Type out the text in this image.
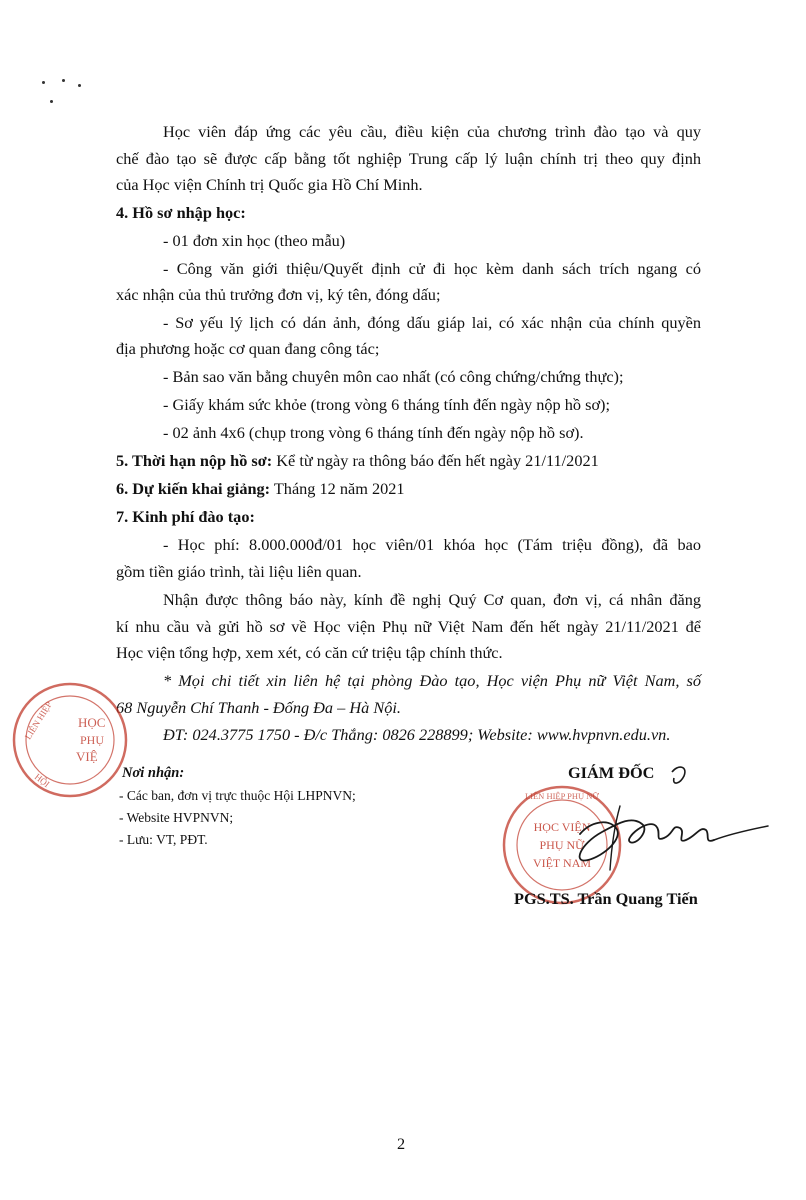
Học viên đáp ứng các yêu cầu, điều kiện của chương trình đào tạo và quy
chế đào tạo sẽ được cấp bằng tốt nghiệp Trung cấp lý luận chính trị theo quy định
của Học viện Chính trị Quốc gia Hồ Chí Minh.
4. Hồ sơ nhập học:
- 01 đơn xin học (theo mẫu)
- Công văn giới thiệu/Quyết định cử đi học kèm danh sách trích ngang có
xác nhận của thủ trưởng đơn vị, ký tên, đóng dấu;
- Sơ yếu lý lịch có dán ảnh, đóng dấu giáp lai, có xác nhận của chính quyền
địa phương hoặc cơ quan đang công tác;
- Bản sao văn bằng chuyên môn cao nhất (có công chứng/chứng thực);
- Giấy khám sức khỏe (trong vòng 6 tháng tính đến ngày nộp hồ sơ);
- 02 ảnh 4x6 (chụp trong vòng 6 tháng tính đến ngày nộp hồ sơ).
5. Thời hạn nộp hồ sơ: Kể từ ngày ra thông báo đến hết ngày 21/11/2021
6. Dự kiến khai giảng: Tháng 12 năm 2021
7. Kinh phí đào tạo:
- Học phí: 8.000.000đ/01 học viên/01 khóa học (Tám triệu đồng), đã bao
gồm tiền giáo trình, tài liệu liên quan.
Nhận được thông báo này, kính đề nghị Quý Cơ quan, đơn vị, cá nhân đăng
kí nhu cầu và gửi hồ sơ về Học viện Phụ nữ Việt Nam đến hết ngày 21/11/2021 để
Học viện tổng hợp, xem xét, có căn cứ triệu tập chính thức.
* Mọi chi tiết xin liên hệ tại phòng Đào tạo, Học viện Phụ nữ Việt Nam, số
68 Nguyễn Chí Thanh - Đống Đa – Hà Nội.
ĐT: 024.3775 1750 - Đ/c Thắng: 0826 228899; Website: www.hvpnvn.edu.vn.
HỌC
PHỤ
VIỆ
LIÊN HIỆP
HỘI	Nơi nhận:
- Các ban, đơn vị trực thuộc Hội LHPNVN;
- Website HVPNVN;
- Lưu: VT, PĐT.
GIÁM ĐỐC
HỌC VIỆN
PHỤ NỮ
VIỆT NAM
LIÊN HIỆP PHỤ NỮ
PGS.TS. Trần Quang Tiến
2
